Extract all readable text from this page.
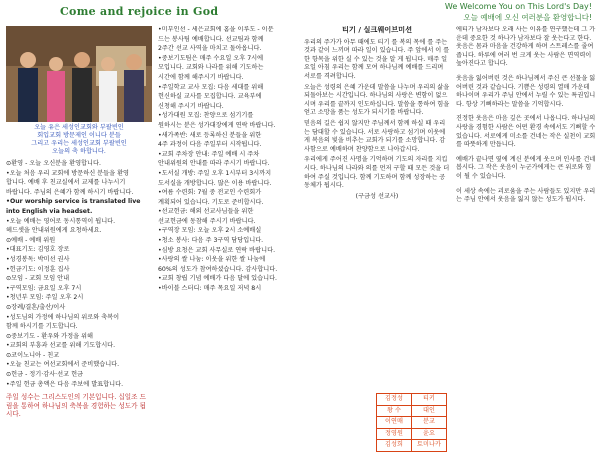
Come and rejoice in God	We Welcome You on This Lord's Day!
오늘 예배에 오신 여러분을 환영합니다!
오늘 유은 세성인교회와 부팔빈인
회입교회 방문제인 이니다 분들
그리고 우리는 세성인교회 부팔빈인
오늘의 축 하합니다.

⊙환영 - 오늘 오신분을 환영합니다.

•오늘 처음 우리 교회에 방문하신 분들을 환영

합니다. 예배 후 친교실에서 교제를 나누시기

바랍니다. 주님의 은혜가 함께 하시기 바랍니다.

•Our worship service is translated live

into English via headset.

•오늘 예배는 영어로 동시통역이 됩니다.

헤드셋을 안내위원에게 요청하세요.

⊙예배 - 예배 위원

•대표기도: 김영호 장로

•성경봉독: 박미선 권사

•헌금기도: 이정훈 집사

⊙모임 - 교회 모임 안내

•구역모임: 금요일 오후 7시

•청년부 모임: 주일 오후 2시

⊙장례/결혼/출산/이사

•성도님의 가정에 하나님의 위로와 축복이

함께 하시기를 기도합니다.

⊙중보기도 - 환우와 가정을 위해

•교회의 부흥과 선교를 위해 기도합시다.

⊙코이노니아 - 친교

•오늘 친교는 여선교회에서 준비했습니다.

⊙헌금 - 정기·감사·선교 헌금

•주일 헌금 총액은 다음 주보에 발표합니다.

주일 성수는 그리스도인의 기본입니다. 십일조 드림을 통하여 하나님의 축복을 경험하는 성도가 됩시다.

•미부인선 - 세은교회에 홈을 이루도 - 이분

드는 봉사팀 예배합니다. 선교팀과 함께

2주간 선교 사역을 마치고 돌아옵니다.

•중보기도팀은 매주 수요일 오후 7시에

모입니다. 교회와 나라를 위해 기도하는

시간에 함께 해주시기 바랍니다.

•주일학교 교사 모집: 다음 세대를 위해

헌신하실 교사를 모집합니다. 교육부에

신청해 주시기 바랍니다.

•성가대원 모집: 찬양으로 섬기기를

원하시는 분은 성가대장에게 연락 바랍니다.

•새가족반: 새로 등록하신 분들을 위한

4주 과정이 다음 주일부터 시작됩니다.

•교회 주차장 안내: 주일 예배 시 주차

안내위원의 안내를 따라 주시기 바랍니다.

•도서실 개방: 주일 오후 1시부터 3시까지

도서실을 개방합니다. 많은 이용 바랍니다.

•여름 수련회: 7월 중 전교인 수련회가

계획되어 있습니다. 기도로 준비합시다.

•선교헌금: 해외 선교사님들을 위한

선교헌금에 동참해 주시기 바랍니다.

•구역장 모임: 오늘 오후 2시 소예배실

•청소 봉사: 다음 주 3구역 담당입니다.

•심방 요청은 교회 사무실로 연락 바랍니다.

•사랑의 쌀 나눔: 이웃을 위한 쌀 나눔에

60%의 성도가 참여하셨습니다. 감사합니다.

•교회 창립 기념 예배가 다음 달에 있습니다.

•바이블 스터디: 매주 목요일 저녁 8시

티기 / 실크웨이브미션

우리의 주가가 아무 때에도 티기 를 복의 목에 를 주는 것과 같이 느끼며 따라 일이 있습니다. 주 앞에서 이 를 한 항목을 위한 실 수 있는 것을 알 게 됩니다. 매주 일요일 아침 우리는 함께 모여 하나님께 예배를 드리며 서로를 격려합니다.

오늘은 성령의 은혜 가운데 말씀을 나누며 우리의 삶을 되돌아보는 시간입니다. 하나님의 사랑은 변함이 없으시며 우리를 끝까지 인도하십니다. 말씀을 통하여 힘을 얻고 소망을 품는 성도가 되시기를 바랍니다.

믿음의 길은 쉽지 않지만 주님께서 함께 하실 때 우리는 담대할 수 있습니다. 서로 사랑하고 섬기며 이웃에게 복음의 빛을 비추는 교회가 되기를 소망합니다. 감사함으로 예배하며 찬양함으로 나아갑시다.

우리에게 주어진 사명을 기억하며 기도의 자리를 지킵시다. 하나님의 나라와 의를 먼저 구할 때 모든 것을 더하여 주실 것입니다. 함께 기도하며 함께 성장하는 공동체가 됩시다.

(구금성 선교사)
김정성	티키
왕 수	대인
이연매	분교
정영원	윤요
김성희	토미나카

에티가 남자보다 오래 사는 이유를 연구했는데 그 가운데 중요한 것 하나가 남자보다 잘 웃는다고 한다. 웃음은 몸과 마음을 건강하게 하며 스트레스를 줄여 줍니다. 하루에 여러 번 크게 웃는 사람은 면역력이 높아진다고 합니다.

웃음을 잃어버린 것은 하나님께서 주신 큰 선물을 잃어버린 것과 같습니다. 기쁨은 성령의 열매 가운데 하나이며 우리가 주님 안에서 누릴 수 있는 특권입니다. 항상 기뻐하라는 말씀을 기억합시다.

진정한 웃음은 마음 깊은 곳에서 나옵니다. 하나님의 사랑을 경험한 사람은 어떤 환경 속에서도 기뻐할 수 있습니다. 서로에게 미소를 건네는 작은 실천이 교회를 따뜻하게 만듭니다.

예배가 끝나면 옆에 계신 분에게 웃으며 인사를 건네 봅시다. 그 작은 웃음이 누군가에게는 큰 위로와 힘이 될 수 있습니다.

이 세상 속에는 괴로움을 주는 사람들도 있지만 우리는 주님 안에서 웃음을 잃지 않는 성도가 됩시다.
